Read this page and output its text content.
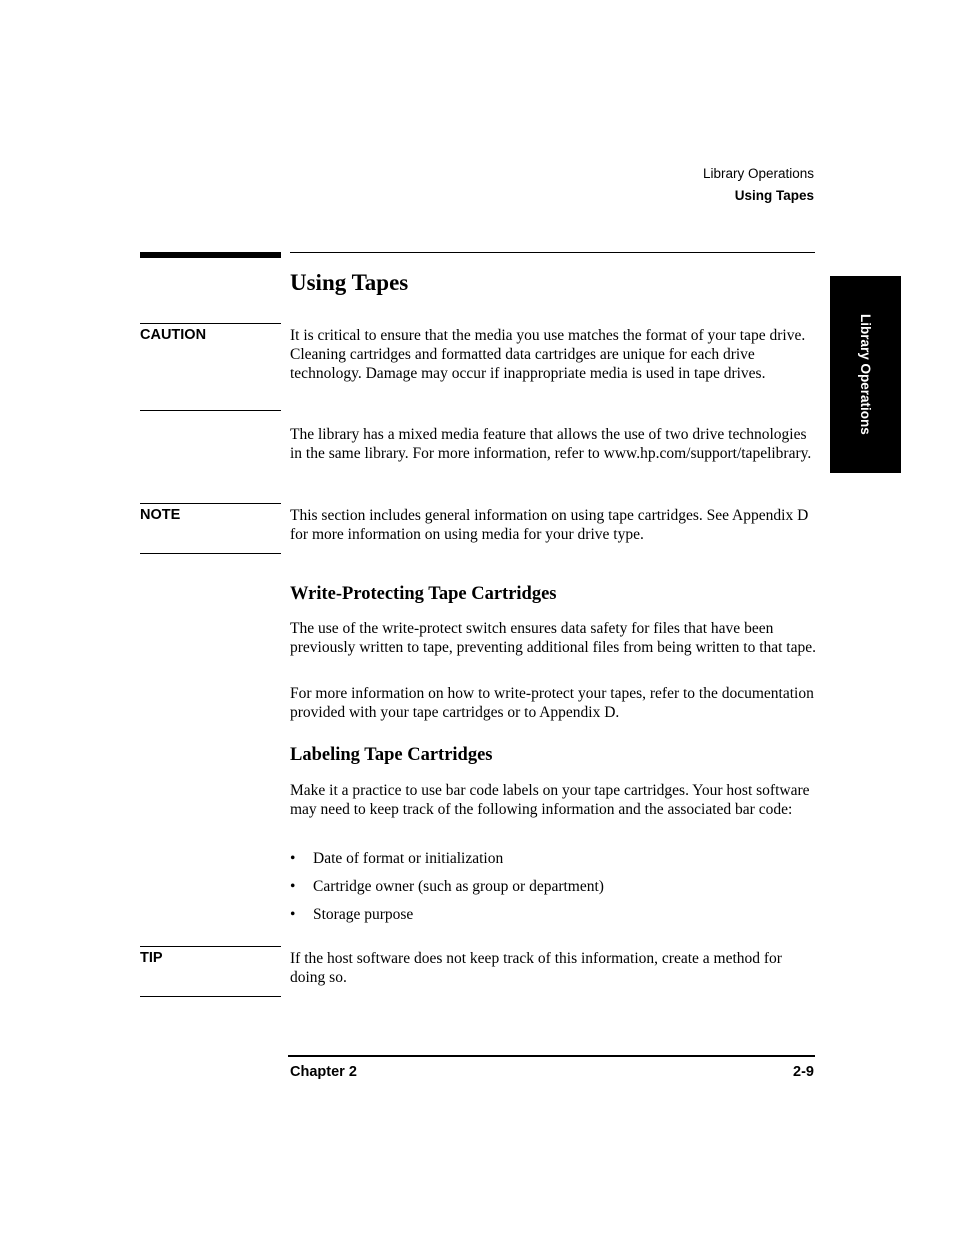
Library Operations
Using Tapes
Library Operations
Using Tapes
CAUTION	It is critical to ensure that the media you use matches the format of your tape drive. Cleaning cartridges and formatted data cartridges are unique for each drive technology. Damage may occur if inappropriate media is used in tape drives.

The library has a mixed media feature that allows the use of two drive technologies in the same library. For more information, refer to www.hp.com/support/tapelibrary.

NOTE	This section includes general information on using tape cartridges. See Appendix D for more information on using media for your drive type.

Write-Protecting Tape Cartridges

The use of the write-protect switch ensures data safety for files that have been previously written to tape, preventing additional files from being written to that tape.

For more information on how to write-protect your tapes, refer to the documentation provided with your tape cartridges or to Appendix D.

Labeling Tape Cartridges

Make it a practice to use bar code labels on your tape cartridges. Your host software may need to keep track of the following information and the associated bar code:

• Date of format or initialization
• Cartridge owner (such as group or department)
• Storage purpose
TIP	If the host software does not keep track of this information, create a method for doing so.

Chapter 2	2-9
